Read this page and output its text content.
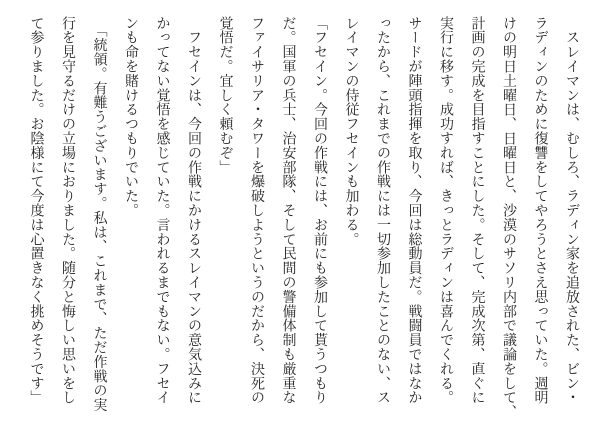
　スレイマンは、むしろ、ラディン家を追放された、ビン・

ラディンのために復讐をしてやろうとさえ思っていた。週明

けの明日土曜日、日曜日と、沙漠のサソリ内部で議論をして、

計画の完成を目指すことにした。そして、完成次第、直ぐに

実行に移す。成功すれば、きっとラディンは喜んでくれる。

サードが陣頭指揮を取り、今回は総動員だ。戦闘員ではなか

ったから、これまでの作戦には一切参加したことのない、ス

レイマンの侍従フセインも加わる。

「フセイン。今回の作戦には、お前にも参加して貰うつもり

だ。国軍の兵士、治安部隊、そして民間の警備体制も厳重な

ファイサリア・タワーを爆破しようというのだから、決死の

覚悟だ。宜しく頼むぞ」

　フセインは、今回の作戦にかけるスレイマンの意気込みに

かってない覚悟を感じていた。言われるまでもない。フセイ

ンも命を賭けるつもりでいた。

　「統領。有難うございます。私は、これまで、ただ作戦の実

行を見守るだけの立場におりました。随分と悔しい思いをし

て参りました。お陰様にて今度は心置きなく挑めそうです」
